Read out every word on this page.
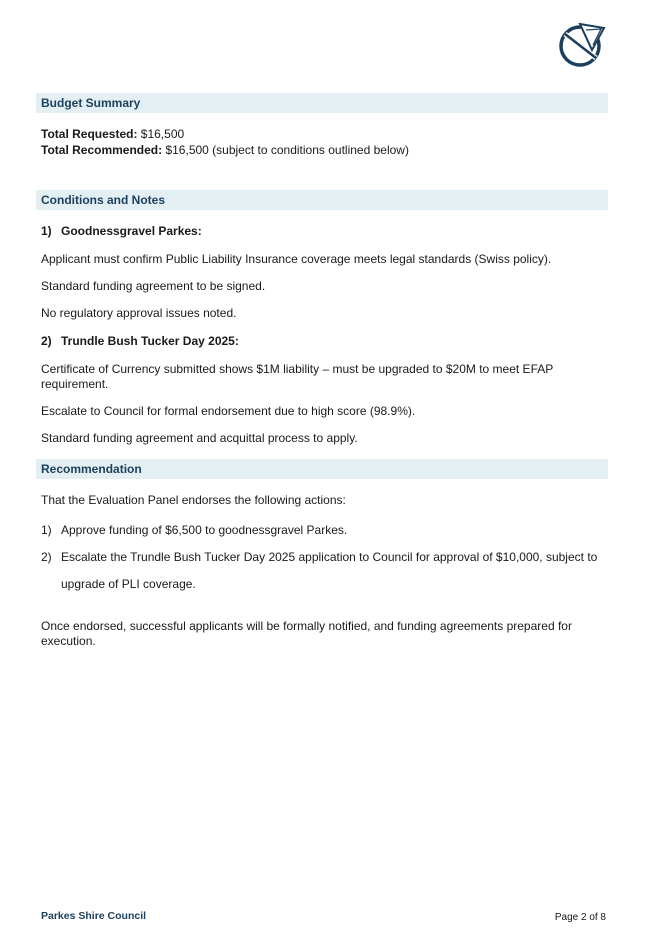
Budget Summary

Total Requested: $16,500

Total Recommended: $16,500 (subject to conditions outlined below)

Conditions and Notes

1) Goodnessgravel Parkes:

Applicant must confirm Public Liability Insurance coverage meets legal standards (Swiss policy).

Standard funding agreement to be signed.

No regulatory approval issues noted.

2) Trundle Bush Tucker Day 2025:

Certificate of Currency submitted shows $1M liability – must be upgraded to $20M to meet EFAP requirement.

Escalate to Council for formal endorsement due to high score (98.9%).

Standard funding agreement and acquittal process to apply.

Recommendation

That the Evaluation Panel endorses the following actions:

1) Approve funding of $6,500 to goodnessgravel Parkes.

2) Escalate the Trundle Bush Tucker Day 2025 application to Council for approval of $10,000, subject to

upgrade of PLI coverage.

Once endorsed, successful applicants will be formally notified, and funding agreements prepared for execution.

Parkes Shire Council	Page 2 of 8
